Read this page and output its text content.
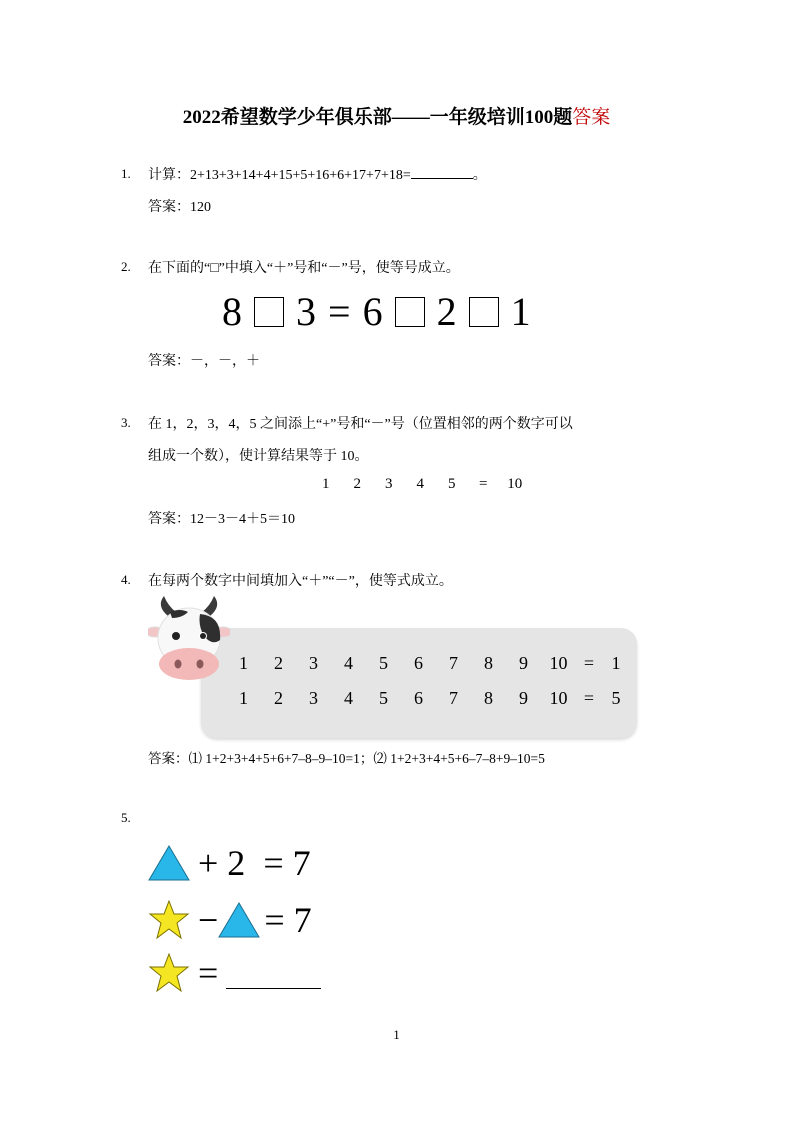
2022希望数学少年俱乐部——一年级培训100题答案
1. 计算：2+13+3+14+4+15+5+16+6+17+7+18=	。
答案：120
2. 在下面的“□”中填入“＋”号和“－”号，使等号成立。
8 3 = 6 2 1
答案：－，－，＋
3. 在 1，2，3，4，5 之间添上“+”号和“－”号（位置相邻的两个数字可以
组成一个数），使计算结果等于 10。
1	2	3	4	5	=	10
答案：12－3－4＋5＝10
4. 在每两个数字中间填加入“＋”“－”，使等式成立。
1	2	3	4	5	6	7	8	9	10 = 1
1	2	3	4	5	6	7	8	9	10 = 5
答案：⑴ 1+2+3+4+5+6+7–8–9–10=1；⑵ 1+2+3+4+5+6–7–8+9–10=5
5.
+ 2 = 7
− = 7
=
1
